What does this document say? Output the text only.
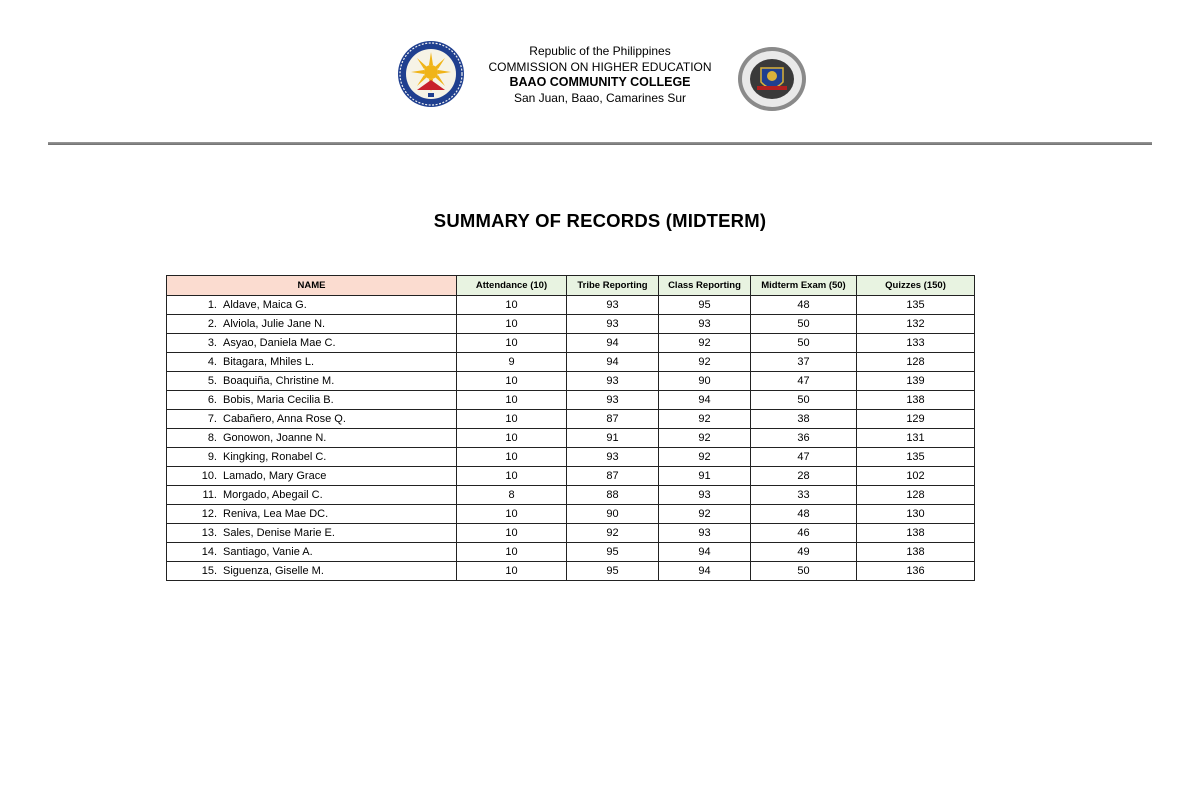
Republic of the Philippines
COMMISSION ON HIGHER EDUCATION
BAAO COMMUNITY COLLEGE
San Juan, Baao, Camarines Sur
SUMMARY OF RECORDS (MIDTERM)
NAME	Attendance (10)	Tribe Reporting	Class Reporting	Midterm Exam (50)	Quizzes (150)
1. Aldave, Maica G.	10	93	95	48	135
2. Alviola, Julie Jane N.	10	93	93	50	132
3. Asyao, Daniela Mae C.	10	94	92	50	133
4. Bitagara, Mhiles L.	9	94	92	37	128
5. Boaquiña, Christine M.	10	93	90	47	139
6. Bobis, Maria Cecilia B.	10	93	94	50	138
7. Cabañero, Anna Rose Q.	10	87	92	38	129
8. Gonowon, Joanne N.	10	91	92	36	131
9. Kingking, Ronabel C.	10	93	92	47	135
10. Lamado, Mary Grace	10	87	91	28	102
11. Morgado, Abegail C.	8	88	93	33	128
12. Reniva, Lea Mae DC.	10	90	92	48	130
13. Sales, Denise Marie E.	10	92	93	46	138
14. Santiago, Vanie A.	10	95	94	49	138
15. Siguenza, Giselle M.	10	95	94	50	136
